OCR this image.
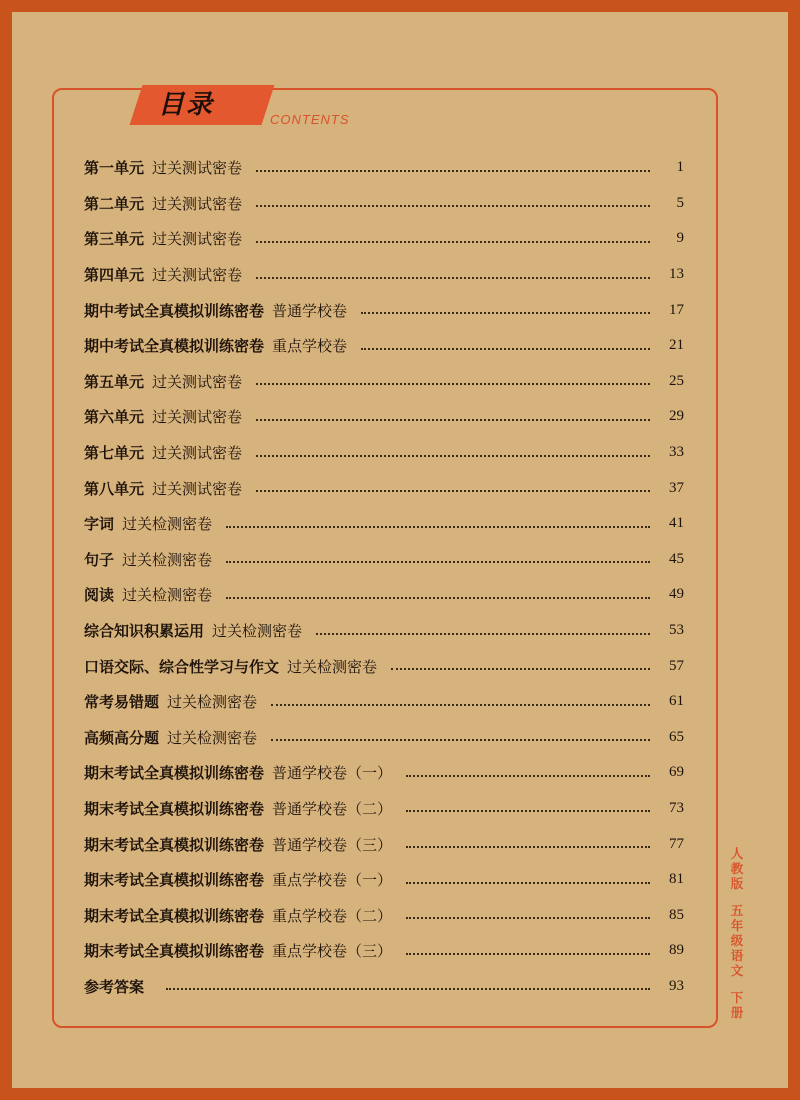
目录	CONTENTS
第一单元 过关测试密卷	1
第二单元 过关测试密卷	5
第三单元 过关测试密卷	9
第四单元 过关测试密卷	13
期中考试全真模拟训练密卷 普通学校卷	17
期中考试全真模拟训练密卷 重点学校卷	21
第五单元 过关测试密卷	25
第六单元 过关测试密卷	29
第七单元 过关测试密卷	33
第八单元 过关测试密卷	37
字词 过关检测密卷	41
句子 过关检测密卷	45
阅读 过关检测密卷	49
综合知识积累运用 过关检测密卷	53
口语交际、综合性学习与作文 过关检测密卷	57
常考易错题 过关检测密卷	61
高频高分题 过关检测密卷	65
期末考试全真模拟训练密卷 普通学校卷（一）	69
期末考试全真模拟训练密卷 普通学校卷（二）	73
期末考试全真模拟训练密卷 普通学校卷（三）	77
期末考试全真模拟训练密卷 重点学校卷（一）	81
期末考试全真模拟训练密卷 重点学校卷（二）	85
期末考试全真模拟训练密卷 重点学校卷（三）	89
参考答案	93
人
教
版
五
年
级
语
文
下
册
